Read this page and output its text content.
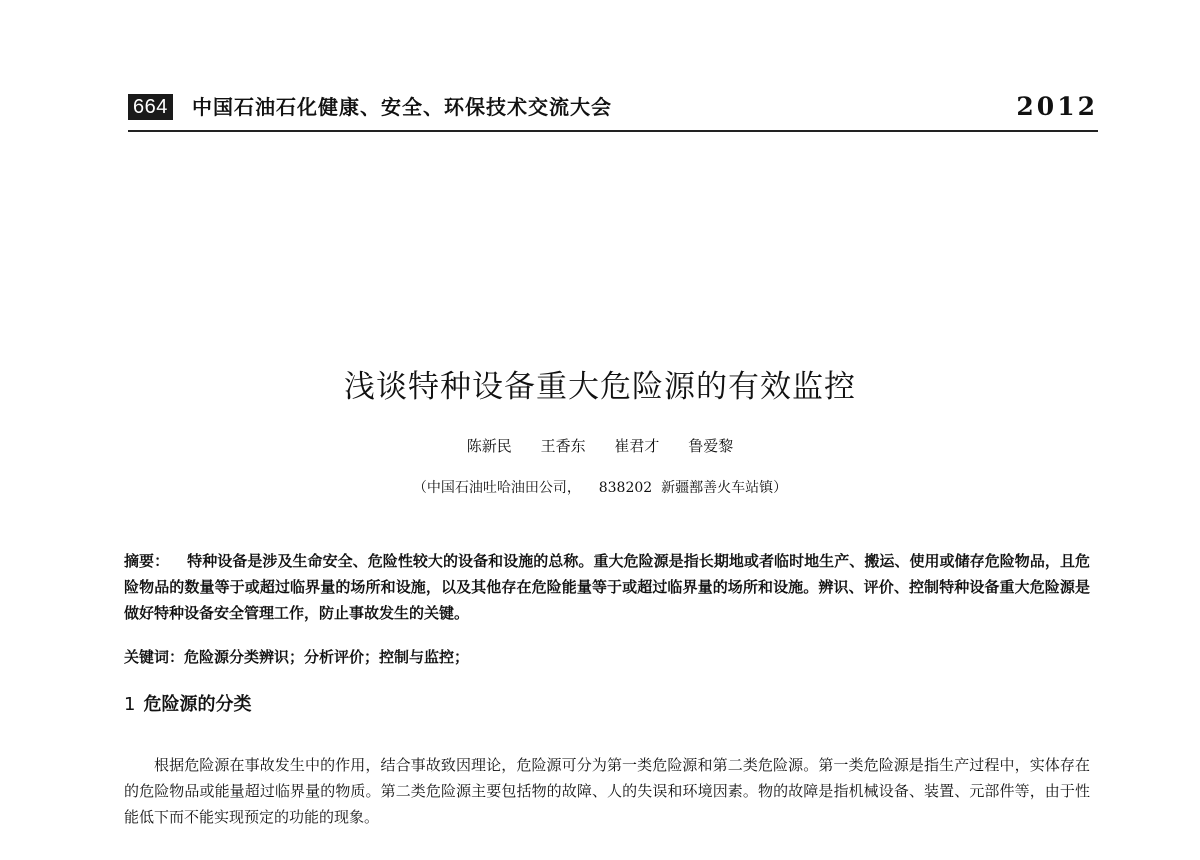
664 中国石油石化健康、安全、环保技术交流大会	2012
浅谈特种设备重大危险源的有效监控
陈新民 王香东 崔君才 鲁爱黎
（中国石油吐哈油田公司，    838202  新疆鄯善火车站镇）

摘要： 特种设备是涉及生命安全、危险性较大的设备和设施的总称。重大危险源是指长期地或者临时地生产、搬运、使用或储存危险物品，且危险物品的数量等于或超过临界量的场所和设施，以及其他存在危险能量等于或超过临界量的场所和设施。辨识、评价、控制特种设备重大危险源是做好特种设备安全管理工作，防止事故发生的关键。

关键词：危险源分类辨识；分析评价；控制与监控；

1 危险源的分类

根据危险源在事故发生中的作用，结合事故致因理论，危险源可分为第一类危险源和第二类危险源。第一类危险源是指生产过程中，实体存在的危险物品或能量超过临界量的物质。第二类危险源主要包括物的故障、人的失误和环境因素。物的故障是指机械设备、装置、元部件等，由于性能低下而不能实现预定的功能的现象。
